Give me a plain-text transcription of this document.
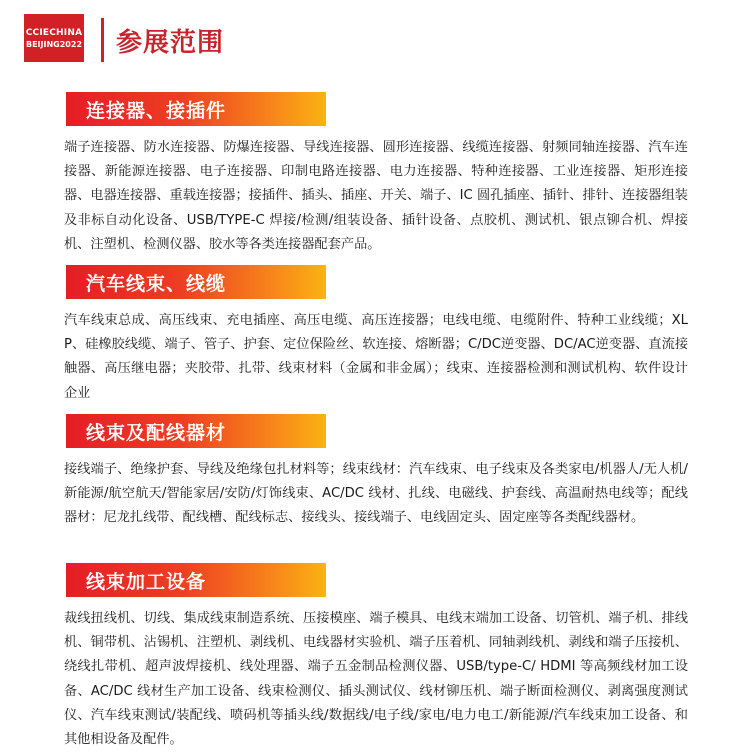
CCIECHINA
BEIJING2022 参展范围
连接器、接插件
端子连接器、防水连接器、防爆连接器、导线连接器、圆形连接器、线缆连接器、射频同轴连接器、汽车连接器、新能源连接器、电子连接器、印制电路连接器、电力连接器、特种连接器、工业连接器、矩形连接器、电器连接器、重载连接器；接插件、插头、插座、开关、端子、IC 圆孔插座、插针、排针、连接器组装及非标自动化设备、USB/TYPE-C 焊接/检测/组装设备、插针设备、点胶机、测试机、银点铆合机、焊接机、注塑机、检测仪器、胶水等各类连接器配套产品。
汽车线束、线缆
汽车线束总成、高压线束、充电插座、高压电缆、高压连接器；电线电缆、电缆附件、特种工业线缆；XLP、硅橡胶线缆、端子、管子、护套、定位保险丝、软连接、熔断器；C/DC逆变器、DC/AC逆变器、直流接触器、高压继电器；夹胶带、扎带、线束材料（金属和非金属）；线束、连接器检测和测试机构、软件设计企业
线束及配线器材
接线端子、绝缘护套、导线及绝缘包扎材料等；线束线材：汽车线束、电子线束及各类家电/机器人/无人机/新能源/航空航天/智能家居/安防/灯饰线束、AC/DC 线材、扎线、电磁线、护套线、高温耐热电线等；配线器材：尼龙扎线带、配线槽、配线标志、接线头、接线端子、电线固定头、固定座等各类配线器材。
线束加工设备
裁线扭线机、切线、集成线束制造系统、压接模座、端子模具、电线末端加工设备、切管机、端子机、排线机、铜带机、沾锡机、注塑机、剥线机、电线器材实验机、端子压着机、同轴剥线机、剥线和端子压接机、绕线扎带机、超声波焊接机、线处理器、端子五金制品检测仪器、USB/type-C/ HDMI 等高频线材加工设备、AC/DC 线材生产加工设备、线束检测仪、插头测试仪、线材铆压机、端子断面检测仪、剥离强度测试仪、汽车线束测试/装配线、喷码机等插头线/数据线/电子线/家电/电力电工/新能源/汽车线束加工设备、和其他相设备及配件。
